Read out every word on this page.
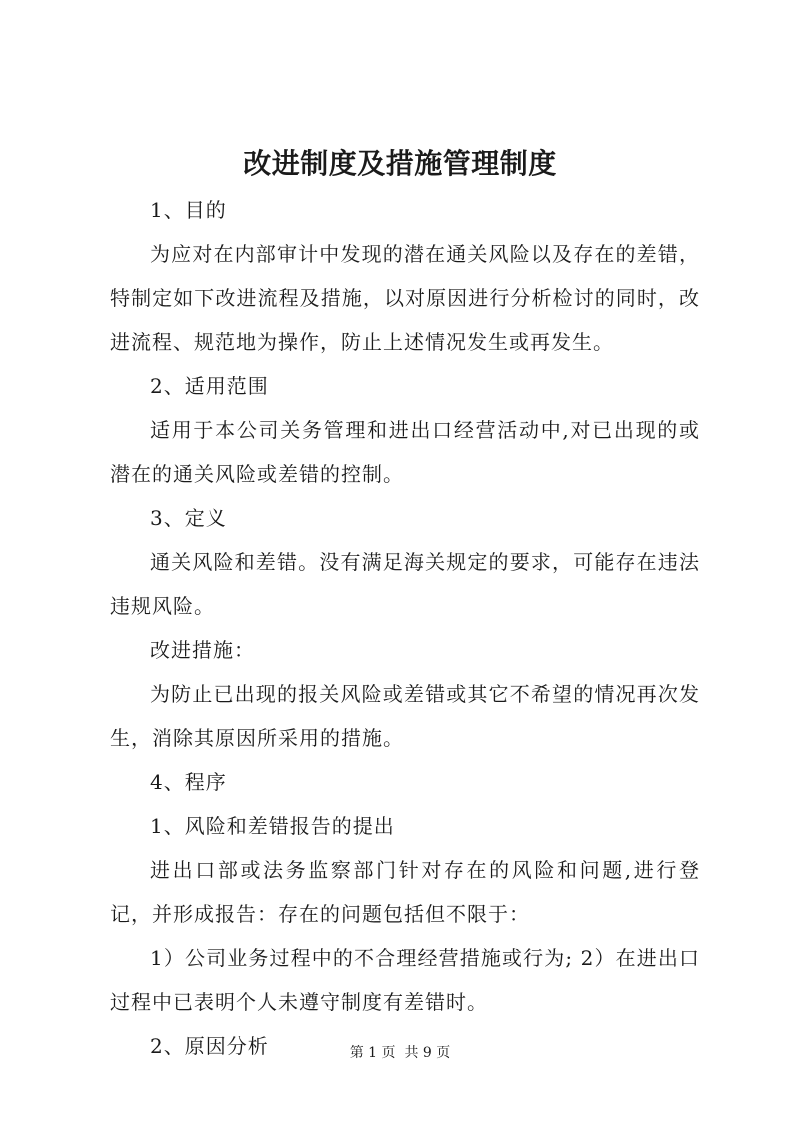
改进制度及措施管理制度

1、目的

为应对在内部审计中发现的潜在通关风险以及存在的差错，特制定如下改进流程及措施，以对原因进行分析检讨的同时，改进流程、规范地为操作，防止上述情况发生或再发生。

2、适用范围

适用于本公司关务管理和进出口经营活动中,对已出现的或潜在的通关风险或差错的控制。

3、定义

通关风险和差错。没有满足海关规定的要求，可能存在违法违规风险。

改进措施：

为防止已出现的报关风险或差错或其它不希望的情况再次发生，消除其原因所采用的措施。

4、程序

1、风险和差错报告的提出

进出口部或法务监察部门针对存在的风险和问题,进行登记，并形成报告：存在的问题包括但不限于：

1）公司业务过程中的不合理经营措施或行为; 2）在进出口过程中已表明个人未遵守制度有差错时。

2、原因分析	第 1 页  共 9 页
